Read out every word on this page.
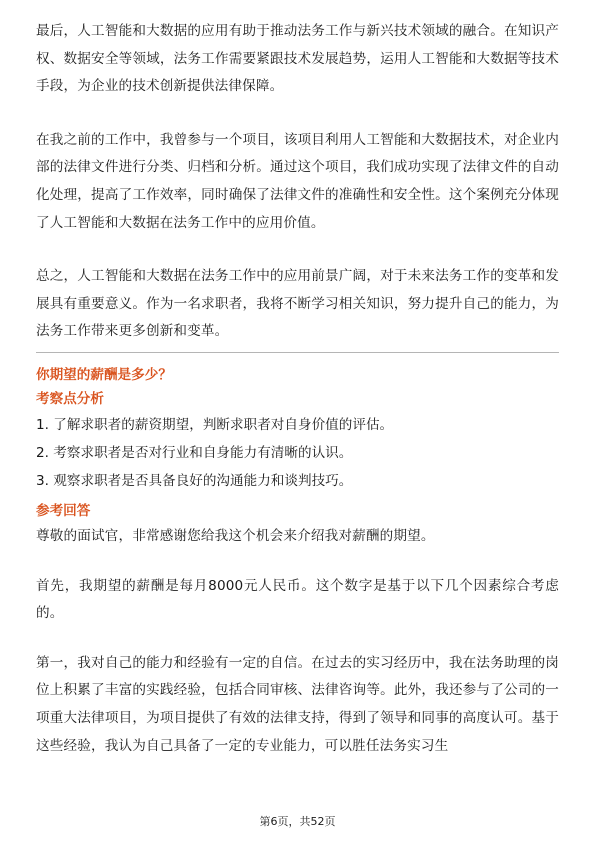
最后，人工智能和大数据的应用有助于推动法务工作与新兴技术领域的融合。在知识产权、数据安全等领域，法务工作需要紧跟技术发展趋势，运用人工智能和大数据等技术手段，为企业的技术创新提供法律保障。

在我之前的工作中，我曾参与一个项目，该项目利用人工智能和大数据技术，对企业内部的法律文件进行分类、归档和分析。通过这个项目，我们成功实现了法律文件的自动化处理，提高了工作效率，同时确保了法律文件的准确性和安全性。这个案例充分体现了人工智能和大数据在法务工作中的应用价值。

总之，人工智能和大数据在法务工作中的应用前景广阔，对于未来法务工作的变革和发展具有重要意义。作为一名求职者，我将不断学习相关知识，努力提升自己的能力，为法务工作带来更多创新和变革。

你期望的薪酬是多少？

考察点分析

1. 了解求职者的薪资期望，判断求职者对自身价值的评估。

2. 考察求职者是否对行业和自身能力有清晰的认识。

3. 观察求职者是否具备良好的沟通能力和谈判技巧。

参考回答

尊敬的面试官，非常感谢您给我这个机会来介绍我对薪酬的期望。

首先，我期望的薪酬是每月8000元人民币。这个数字是基于以下几个因素综合考虑的。

第一，我对自己的能力和经验有一定的自信。在过去的实习经历中，我在法务助理的岗位上积累了丰富的实践经验，包括合同审核、法律咨询等。此外，我还参与了公司的一项重大法律项目，为项目提供了有效的法律支持，得到了领导和同事的高度认可。基于这些经验，我认为自己具备了一定的专业能力，可以胜任法务实习生

第6页，共52页
